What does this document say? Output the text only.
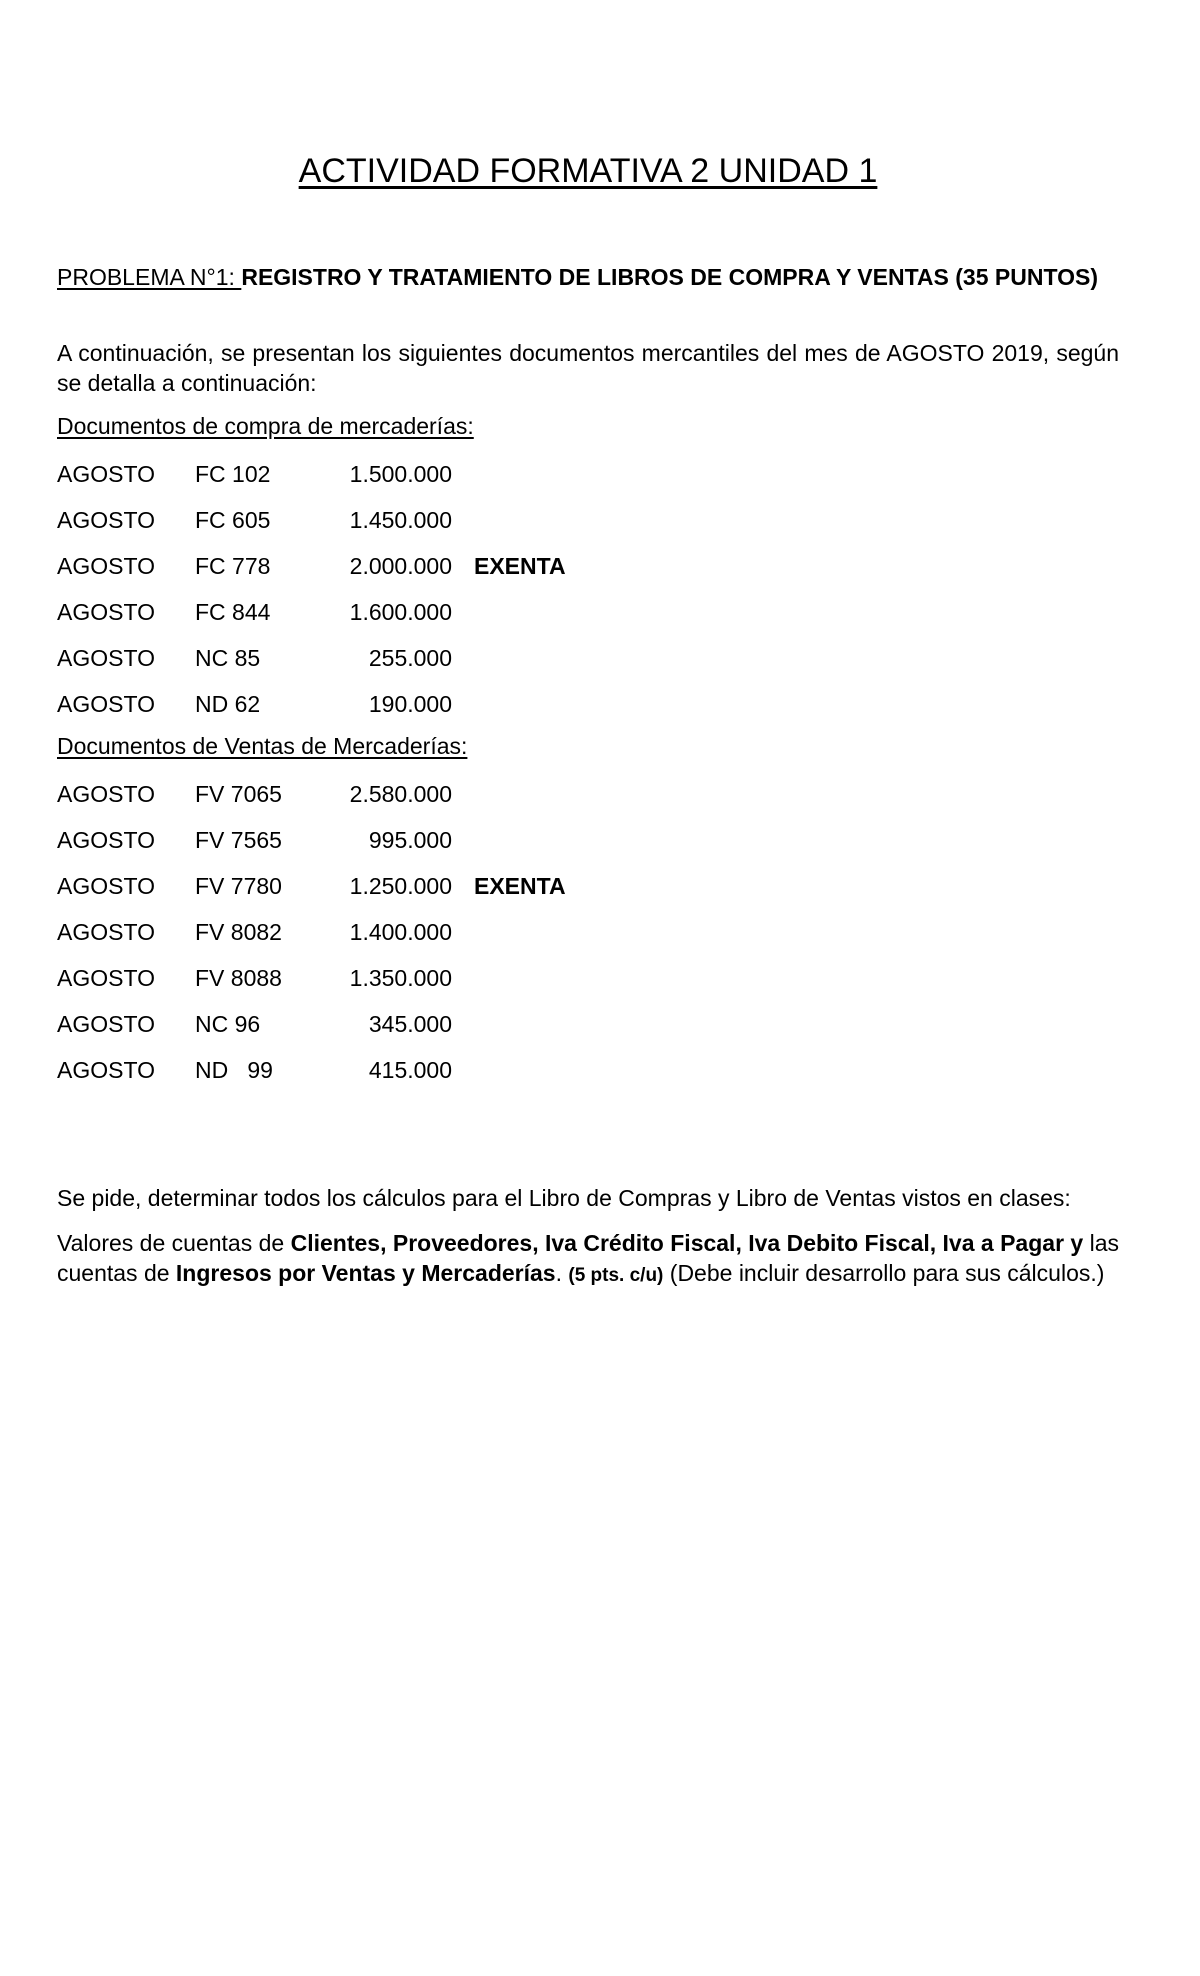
ACTIVIDAD FORMATIVA 2 UNIDAD 1
PROBLEMA N°1: REGISTRO Y TRATAMIENTO DE LIBROS DE COMPRA Y VENTAS (35 PUNTOS)
A continuación, se presentan los siguientes documentos mercantiles del mes de AGOSTO 2019, según se detalla a continuación:
Documentos de compra de mercaderías:
AGOSTO FC 102	1.500.000
AGOSTO FC 605	1.450.000
AGOSTO FC 778	2.000.000 EXENTA
AGOSTO FC 844	1.600.000
AGOSTO NC 85	255.000
AGOSTO ND 62	190.000
Documentos de Ventas de Mercaderías:
AGOSTO FV 7065	2.580.000
AGOSTO FV 7565	995.000
AGOSTO FV 7780	1.250.000 EXENTA
AGOSTO FV 8082	1.400.000
AGOSTO FV 8088	1.350.000
AGOSTO NC 96	345.000
AGOSTO ND   99	415.000
Se pide, determinar todos los cálculos para el Libro de Compras y Libro de Ventas vistos en clases:
Valores de cuentas de Clientes, Proveedores, Iva Crédito Fiscal, Iva Debito Fiscal, Iva a Pagar y las cuentas de Ingresos por Ventas y Mercaderías. (5 pts. c/u) (Debe incluir desarrollo para sus cálculos.)
